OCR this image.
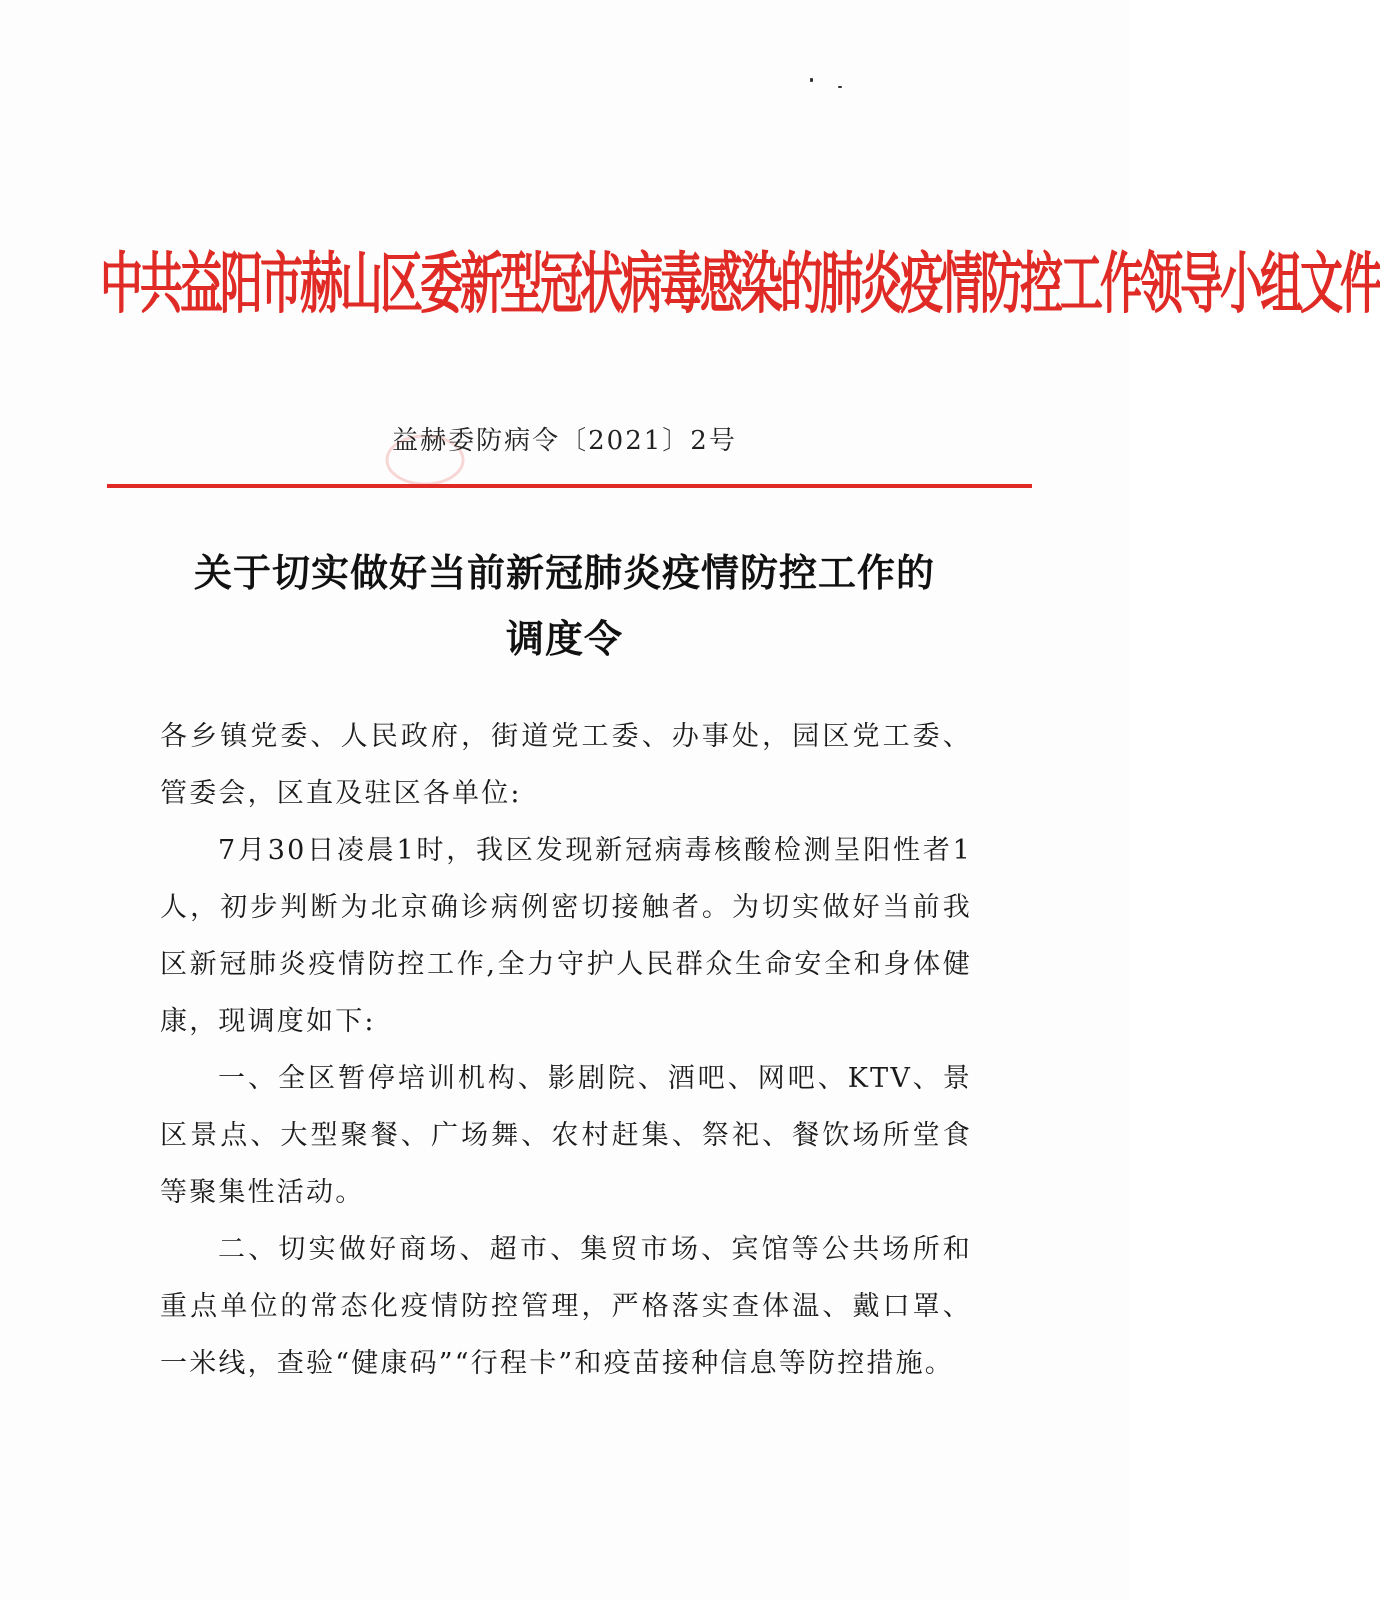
中共益阳市赫山区委新型冠状病毒感染的肺炎疫情防控工作领导小组文件
益赫委防病令〔2021〕2号
关于切实做好当前新冠肺炎疫情防控工作的
调度令

各乡镇党委、人民政府，街道党工委、办事处，园区党工委、管委会，区直及驻区各单位:

7月30日凌晨1时，我区发现新冠病毒核酸检测呈阳性者1人，初步判断为北京确诊病例密切接触者。为切实做好当前我区新冠肺炎疫情防控工作,全力守护人民群众生命安全和身体健康，现调度如下:

一、全区暂停培训机构、影剧院、酒吧、网吧、KTV、景区景点、大型聚餐、广场舞、农村赶集、祭祀、餐饮场所堂食等聚集性活动。

二、切实做好商场、超市、集贸市场、宾馆等公共场所和重点单位的常态化疫情防控管理，严格落实查体温、戴口罩、一米线，查验“健康码”“行程卡”和疫苗接种信息等防控措施。
